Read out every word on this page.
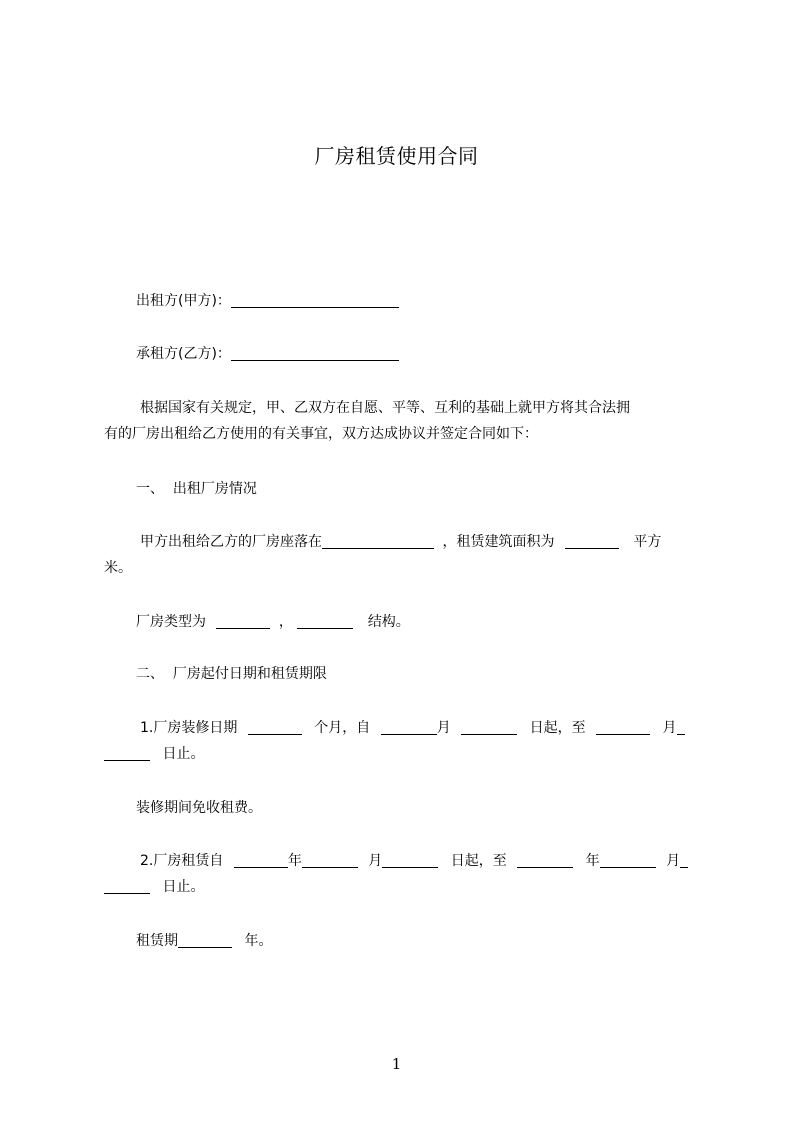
厂房租赁使用合同
出租方(甲方)：
承租方(乙方)：
根据国家有关规定，甲、乙双方在自愿、平等、互利的基础上就甲方将其合法拥
有的厂房出租给乙方使用的有关事宜，双方达成协议并签定合同如下：
一、  出租厂房情况
甲方出租给乙方的厂房座落在	，租赁建筑面积为	平方
米。
厂房类型为	，	结构。
二、  厂房起付日期和租赁期限
1.厂房装修日期	个月，自	月	日起，至	月
日止。
装修期间免收租费。
2.厂房租赁自	年	月	日起，至	年	月
日止。
租赁期	年。
1
